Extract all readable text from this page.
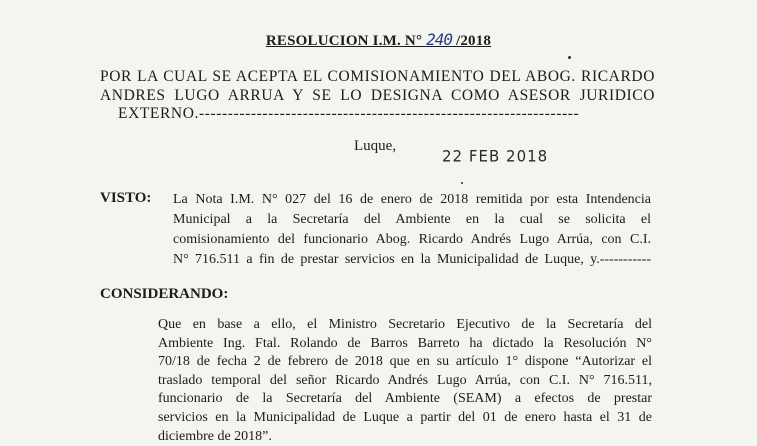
RESOLUCION I.M. N° 240 /2018
POR LA CUAL SE ACEPTA EL COMISIONAMIENTO DEL ABOG. RICARDO
ANDRES LUGO ARRUA Y SE LO DESIGNA COMO ASESOR JURIDICO
EXTERNO.------------------------------------------------------------------
Luque,
22 FEB 2018
VISTO: La Nota I.M. N° 027 del 16 de enero de 2018 remitida por esta Intendencia
Municipal a la Secretaría del Ambiente en la cual se solicita el
comisionamiento del funcionario Abog. Ricardo Andrés Lugo Arrúa, con C.I.
N° 716.511 a fin de prestar servicios en la Municipalidad de Luque, y.-----------
CONSIDERANDO:
Que en base a ello, el Ministro Secretario Ejecutivo de la Secretaría del
Ambiente Ing. Ftal. Rolando de Barros Barreto ha dictado la Resolución N°
70/18 de fecha 2 de febrero de 2018 que en su artículo 1° dispone “Autorizar el
traslado temporal del señor Ricardo Andrés Lugo Arrúa, con C.I. N° 716.511,
funcionario de la Secretaría del Ambiente (SEAM) a efectos de prestar
servicios en la Municipalidad de Luque a partir del 01 de enero hasta el 31 de
diciembre de 2018”.
